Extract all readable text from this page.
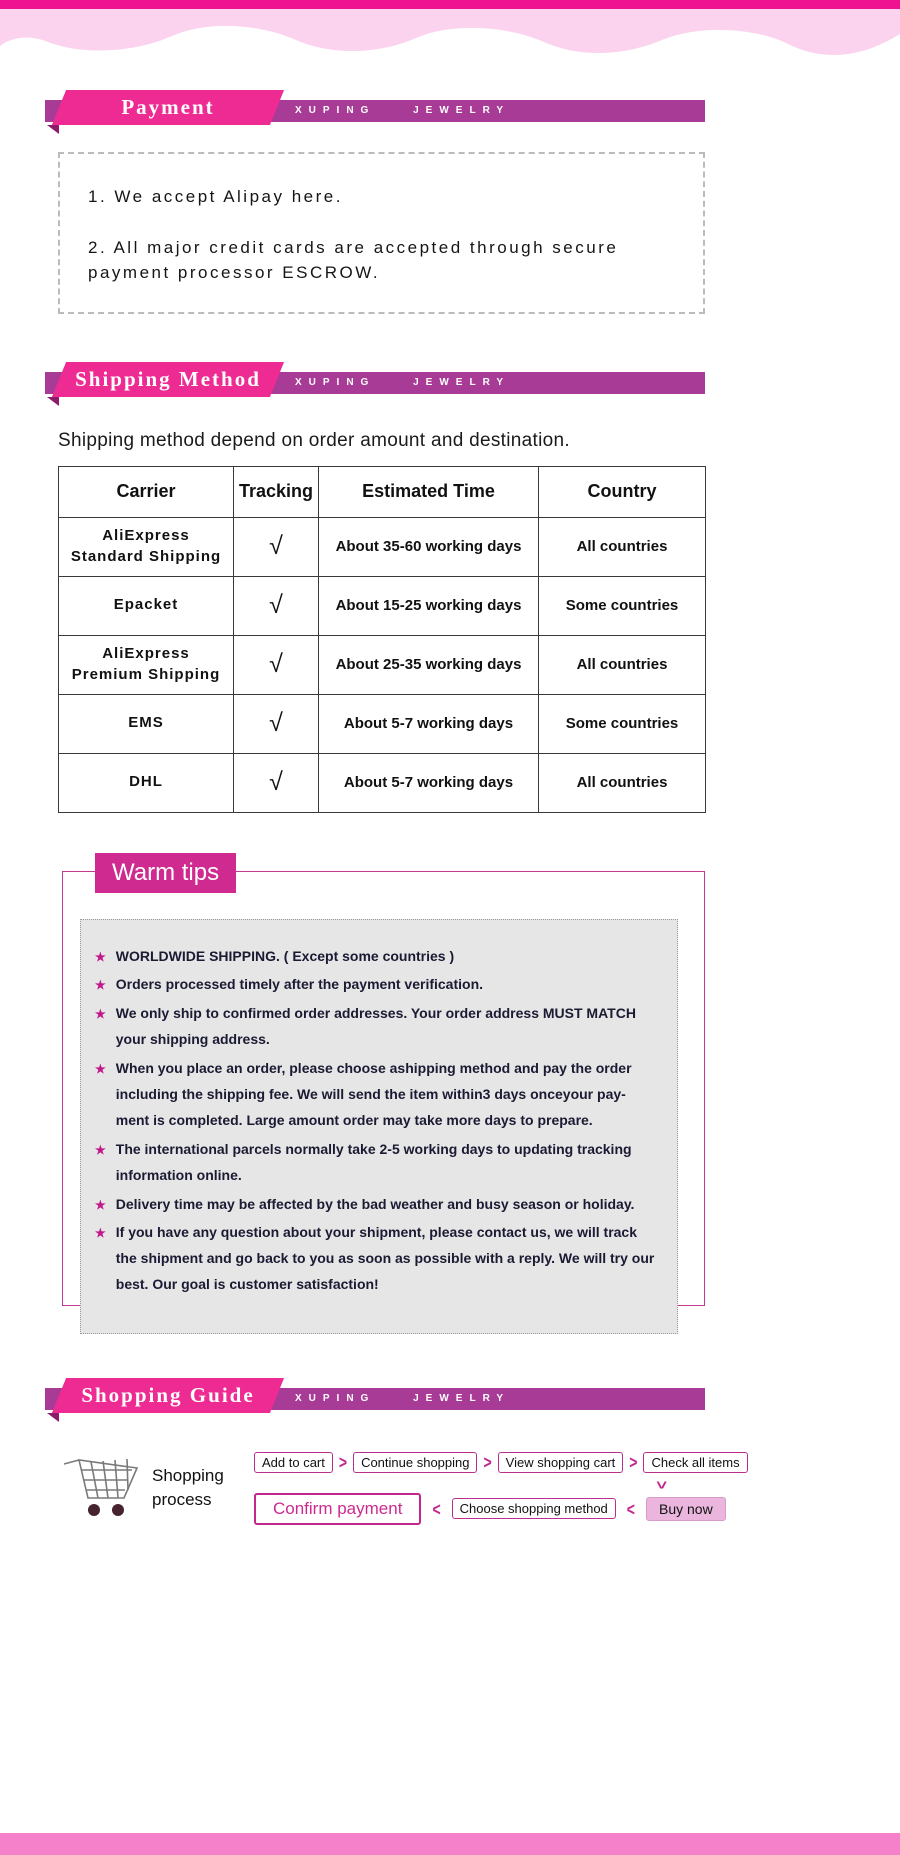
XUPING JEWELRY
Payment

1. We accept Alipay here.

2. All major credit cards are accepted through secure payment processor ESCROW.

XUPING JEWELRY
Shipping Method

Shipping method depend on order amount and destination.

Carrier	Tracking	Estimated Time	Country
AliExpress Standard Shipping	√	About 35-60 working days	All countries
Epacket	√	About 15-25 working days	Some countries
AliExpress Premium Shipping	√	About 25-35 working days	All countries
EMS	√	About 5-7 working days	Some countries
DHL	√	About 5-7 working days	All countries
Warm tips
★ WORLDWIDE SHIPPING. ( Except some countries )
★ Orders processed timely after the payment verification.
★ We only ship to confirmed order addresses. Your order address MUST MATCH your shipping address.
★ When you place an order, please choose ashipping method and pay the order including the shipping fee. We will send the item within3 days onceyour pay-ment is completed. Large amount order may take more days to prepare.
★ The international parcels normally take 2-5 working days to updating tracking information online.
★ Delivery time may be affected by the bad weather and busy season or holiday.
★ If you have any question about your shipment, please contact us, we will track the shipment and go back to you as soon as possible with a reply. We will try our best. Our goal is customer satisfaction!
XUPING JEWELRY
Shopping Guide
Shopping process
Add to cart	>	Continue shopping	>	View shopping cart	>	Check all items
>
Confirm payment	<	Choose shopping method	<	Buy now
